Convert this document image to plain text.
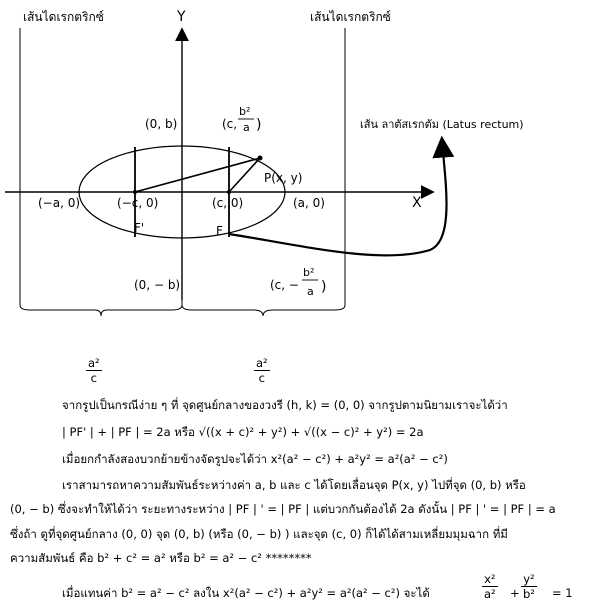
เส้นไดเรกตริกซ์	เส้นไดเรกตริกซ์
Y
X
เส้น ลาตัสเรกตัม (Latus rectum)
(0, b)
(0, − b)
(c,
b²
a )
(c, −
b²
a )
(−a, 0)	(−c, 0)	(c, 0)	(a, 0)
P(x, y)
F'	F
$\frac{\text{a²}}{c}$	$\frac{\text{a²}}{c}$
จากรูปเป็นกรณีง่าย ๆ ที่ จุดศูนย์กลางของวงรี (h, k) = (0, 0) จากรูปตามนิยามเราจะได้ว่า
| PF' | + | PF | = 2a หรือ √((x + c)² + y²) + √((x − c)² + y²) = 2a
เมื่อยกกำลังสองบวกย้ายข้างจัดรูปจะได้ว่า x²(a² − c²) + a²y² = a²(a² − c²)
เราสามารถหาความสัมพันธ์ระหว่างค่า a, b และ c ได้โดยเลื่อนจุด P(x, y) ไปที่จุด (0, b) หรือ
(0, − b) ซึ่งจะทำให้ได้ว่า ระยะทางระหว่าง | PF | ' = | PF | แต่บวกกันต้องได้ 2a ดังนั้น | PF | ' = | PF | = a
ซึ่งถ้า ดูที่จุดศูนย์กลาง (0, 0) จุด (0, b) (หรือ (0, − b) ) และจุด (c, 0) ก็ได้ได้สามเหลี่ยมมุมฉาก ที่มี
ความสัมพันธ์ คือ b² + c² = a² หรือ b² = a² − c² ********
เมื่อแทนค่า b² = a² − c² ลงใน x²(a² − c²) + a²y² = a²(a² − c²) จะได้	$\frac{\text{x²}}{\text{a²}} + \frac{\text{y²}}{\text{b²}} = 1$
